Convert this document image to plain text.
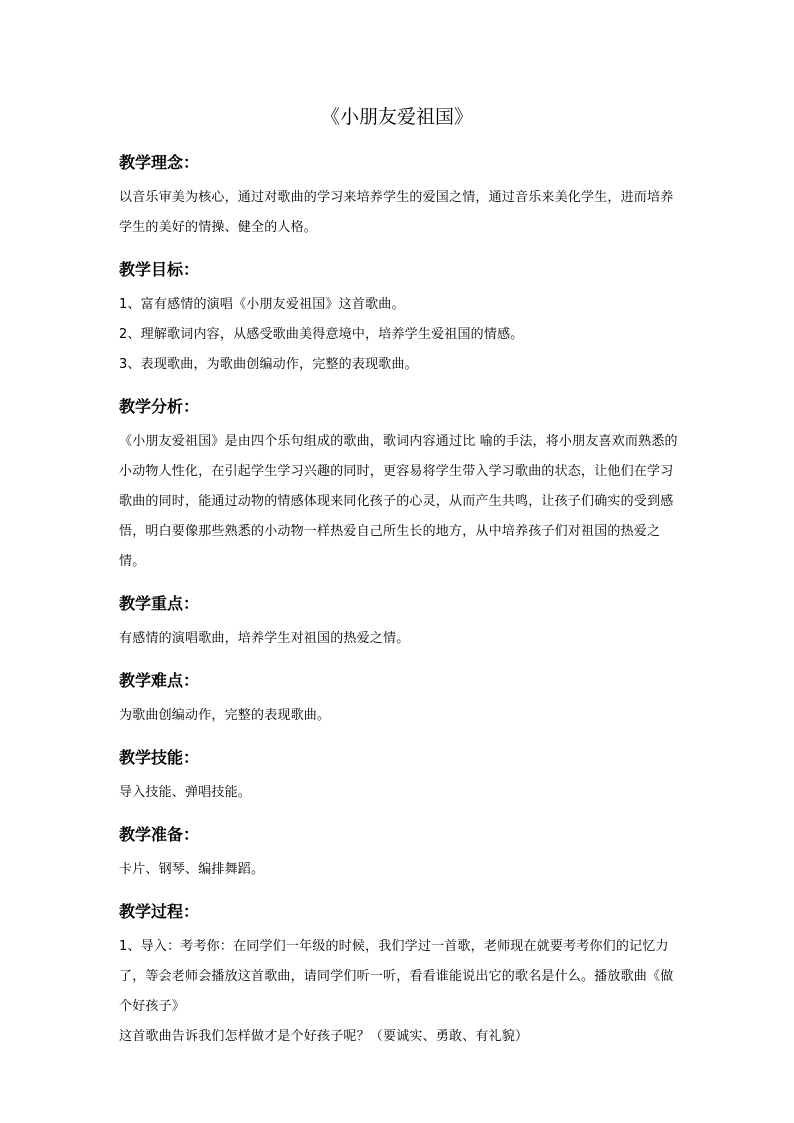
《小朋友爱祖国》
教学理念：

以音乐审美为核心，通过对歌曲的学习来培养学生的爱国之情，通过音乐来美化学生，进而培养学生的美好的情操、健全的人格。

教学目标：

1、富有感情的演唱《小朋友爱祖国》这首歌曲。

2、理解歌词内容，从感受歌曲美得意境中，培养学生爱祖国的情感。

3、表现歌曲，为歌曲创编动作，完整的表现歌曲。

教学分析：

《小朋友爱祖国》是由四个乐句组成的歌曲，歌词内容通过比 喻的手法，将小朋友喜欢而熟悉的小动物人性化，在引起学生学习兴趣的同时，更容易将学生带入学习歌曲的状态，让他们在学习歌曲的同时，能通过动物的情感体现来同化孩子的心灵，从而产生共鸣，让孩子们确实的受到感悟，明白要像那些熟悉的小动物一样热爱自己所生长的地方，从中培养孩子们对祖国的热爱之情。

教学重点：

有感情的演唱歌曲，培养学生对祖国的热爱之情。

教学难点：

为歌曲创编动作，完整的表现歌曲。

教学技能：

导入技能、弹唱技能。

教学准备：

卡片、钢琴、编排舞蹈。

教学过程：

1、导入：考考你：在同学们一年级的时候，我们学过一首歌，老师现在就要考考你们的记忆力了，等会老师会播放这首歌曲，请同学们听一听，看看谁能说出它的歌名是什么。播放歌曲《做个好孩子》

这首歌曲告诉我们怎样做才是个好孩子呢？（要诚实、勇敢、有礼貌）
